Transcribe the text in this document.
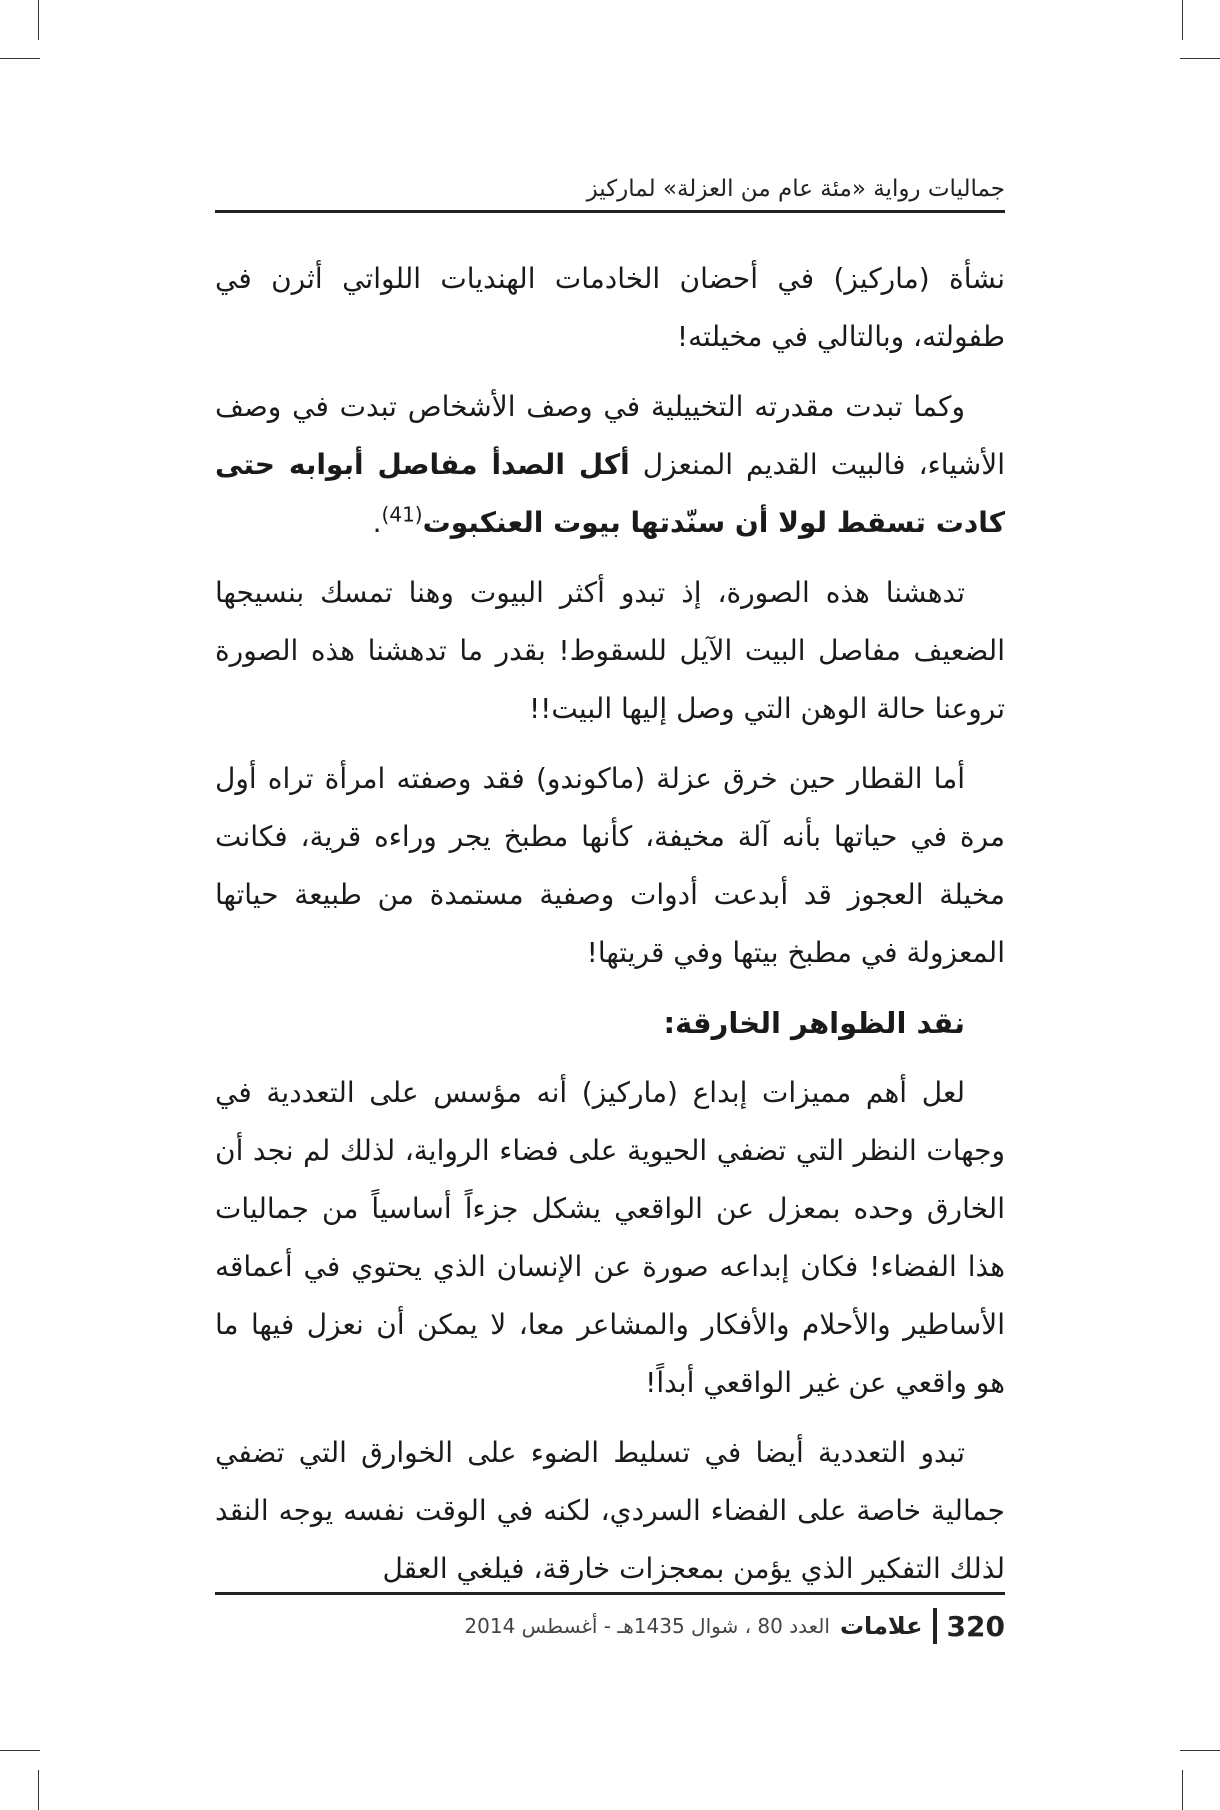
جماليات رواية «مئة عام من العزلة» لماركيز

نشأة (ماركيز) في أحضان الخادمات الهنديات اللواتي أثرن في طفولته، وبالتالي في مخيلته!

وكما تبدت مقدرته التخييلية في وصف الأشخاص تبدت في وصف الأشياء، فالبيت القديم المنعزل أكل الصدأ مفاصل أبوابه حتى كادت تسقط لولا أن سنّدتها بيوت العنكبوت$^{(41)}$.

تدهشنا هذه الصورة، إذ تبدو أكثر البيوت وهنا تمسك بنسيجها الضعيف مفاصل البيت الآيل للسقوط! بقدر ما تدهشنا هذه الصورة تروعنا حالة الوهن التي وصل إليها البيت!!

أما القطار حين خرق عزلة (ماكوندو) فقد وصفته امرأة تراه أول مرة في حياتها بأنه آلة مخيفة، كأنها مطبخ يجر وراءه قرية، فكانت مخيلة العجوز قد أبدعت أدوات وصفية مستمدة من طبيعة حياتها المعزولة في مطبخ بيتها وفي قريتها!

نقد الظواهر الخارقة:

لعل أهم مميزات إبداع (ماركيز) أنه مؤسس على التعددية في وجهات النظر التي تضفي الحيوية على فضاء الرواية، لذلك لم نجد أن الخارق وحده بمعزل عن الواقعي يشكل جزءاً أساسياً من جماليات هذا الفضاء! فكان إبداعه صورة عن الإنسان الذي يحتوي في أعماقه الأساطير والأحلام والأفكار والمشاعر معا، لا يمكن أن نعزل فيها ما هو واقعي عن غير الواقعي أبداً!

تبدو التعددية أيضا في تسليط الضوء على الخوارق التي تضفي جمالية خاصة على الفضاء السردي، لكنه في الوقت نفسه يوجه النقد لذلك التفكير الذي يؤمن بمعجزات خارقة، فيلغي العقل

320
علامات
العدد 80 ، شوال 1435هـ - أغسطس 2014
